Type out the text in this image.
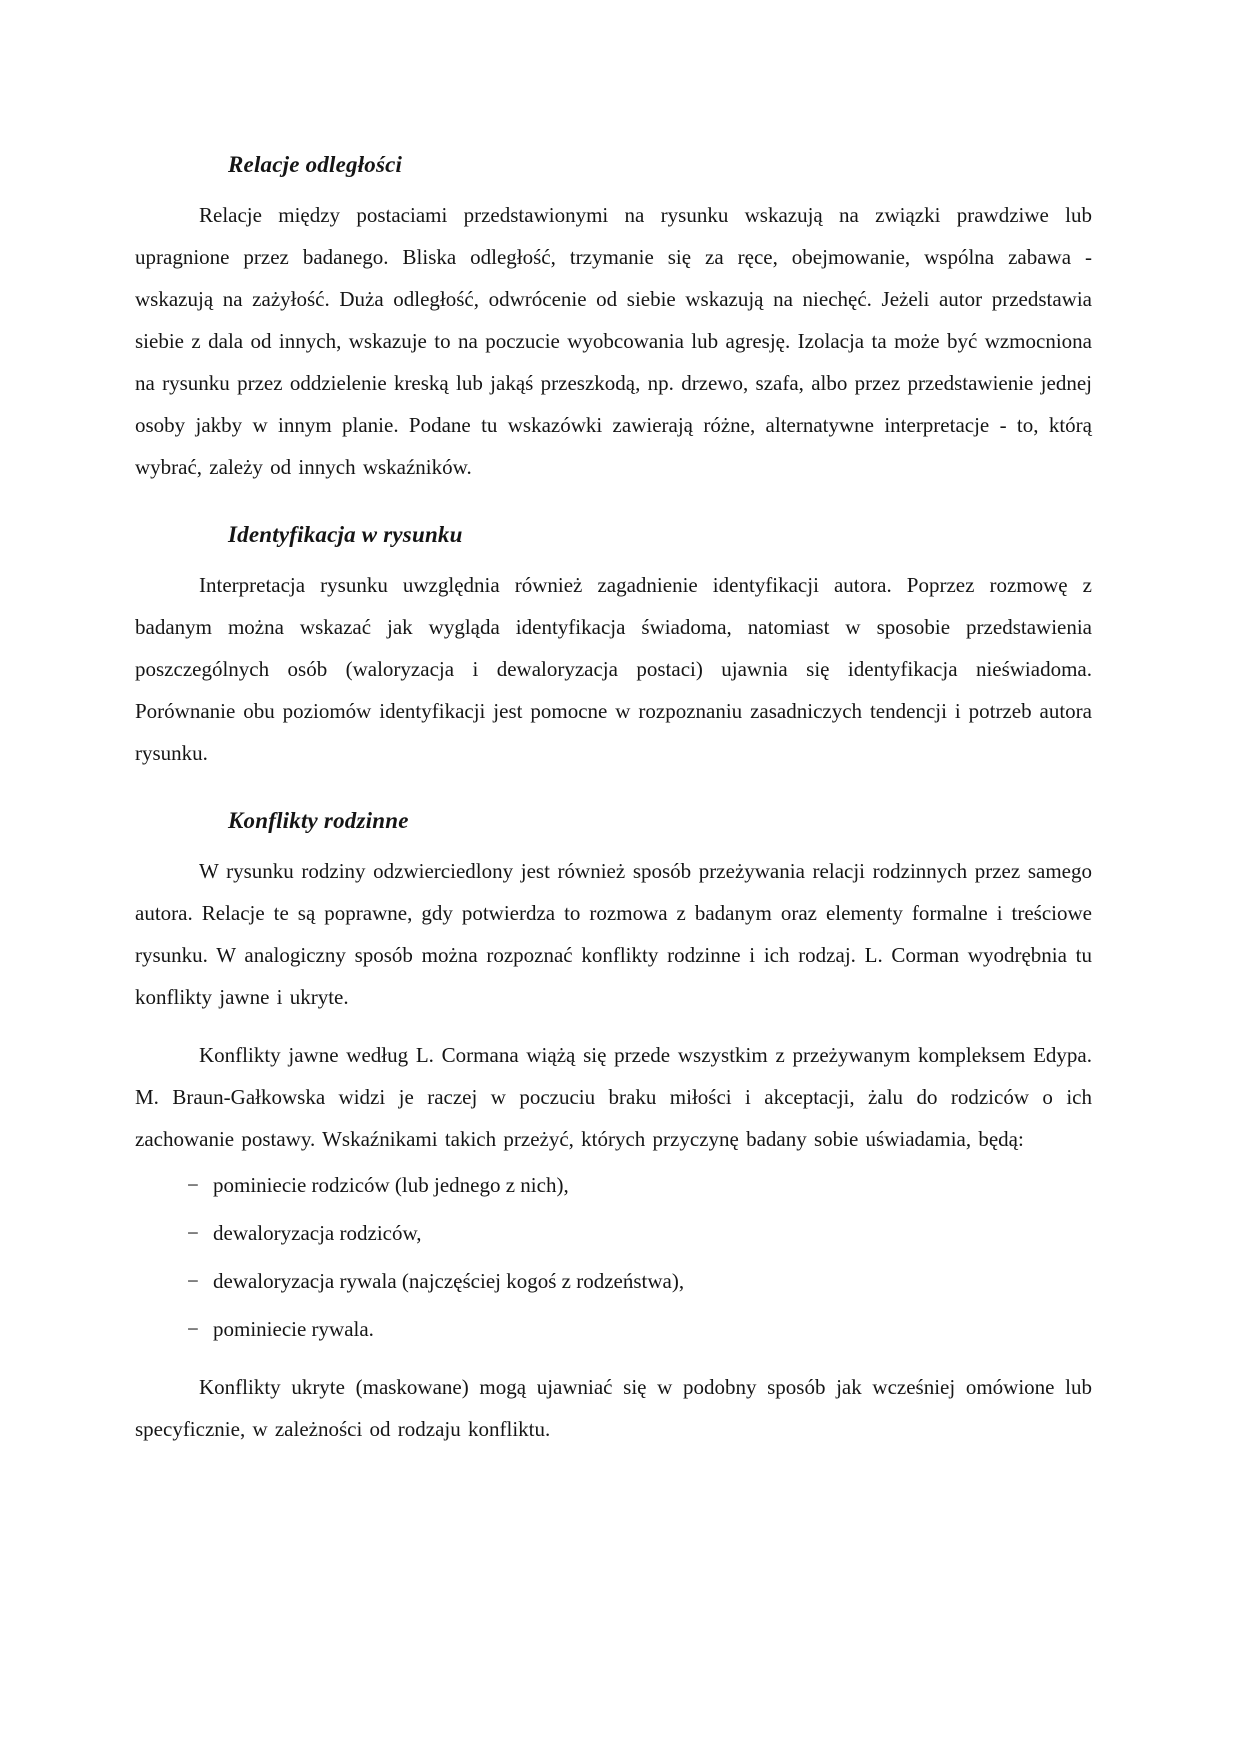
Relacje odległości

Relacje między postaciami przedstawionymi na rysunku wskazują na związki prawdziwe lub upragnione przez badanego. Bliska odległość, trzymanie się za ręce, obejmowanie, wspólna zabawa - wskazują na zażyłość. Duża odległość, odwrócenie od siebie wskazują na niechęć. Jeżeli autor przedstawia siebie z dala od innych, wskazuje to na poczucie wyobcowania lub agresję. Izolacja ta może być wzmocniona na rysunku przez oddzielenie kreską lub jakąś przeszkodą, np. drzewo, szafa, albo przez przedstawienie jednej osoby jakby w innym planie. Podane tu wskazówki zawierają różne, alternatywne interpretacje - to, którą wybrać, zależy od innych wskaźników.

Identyfikacja w rysunku

Interpretacja rysunku uwzględnia również zagadnienie identyfikacji autora. Poprzez rozmowę z badanym można wskazać jak wygląda identyfikacja świadoma, natomiast w sposobie przedstawienia poszczególnych osób (waloryzacja i dewaloryzacja postaci) ujawnia się identyfikacja nieświadoma. Porównanie obu poziomów identyfikacji jest pomocne w rozpoznaniu zasadniczych tendencji i potrzeb autora rysunku.

Konflikty rodzinne

W rysunku rodziny odzwierciedlony jest również sposób przeżywania relacji rodzinnych przez samego autora. Relacje te są poprawne, gdy potwierdza to rozmowa z badanym oraz elementy formalne i treściowe rysunku. W analogiczny sposób można rozpoznać konflikty rodzinne i ich rodzaj. L. Corman wyodrębnia tu konflikty jawne i ukryte.

Konflikty jawne według L. Cormana wiążą się przede wszystkim z przeżywanym kompleksem Edypa. M. Braun-Gałkowska widzi je raczej w poczuciu braku miłości i akceptacji, żalu do rodziców o ich zachowanie postawy. Wskaźnikami takich przeżyć, których przyczynę badany sobie uświadamia, będą:

− pominiecie rodziców (lub jednego z nich),
− dewaloryzacja rodziców,
− dewaloryzacja rywala (najczęściej kogoś z rodzeństwa),
− pominiecie rywala.

Konflikty ukryte (maskowane) mogą ujawniać się w podobny sposób jak wcześniej omówione lub specyficznie, w zależności od rodzaju konfliktu.
